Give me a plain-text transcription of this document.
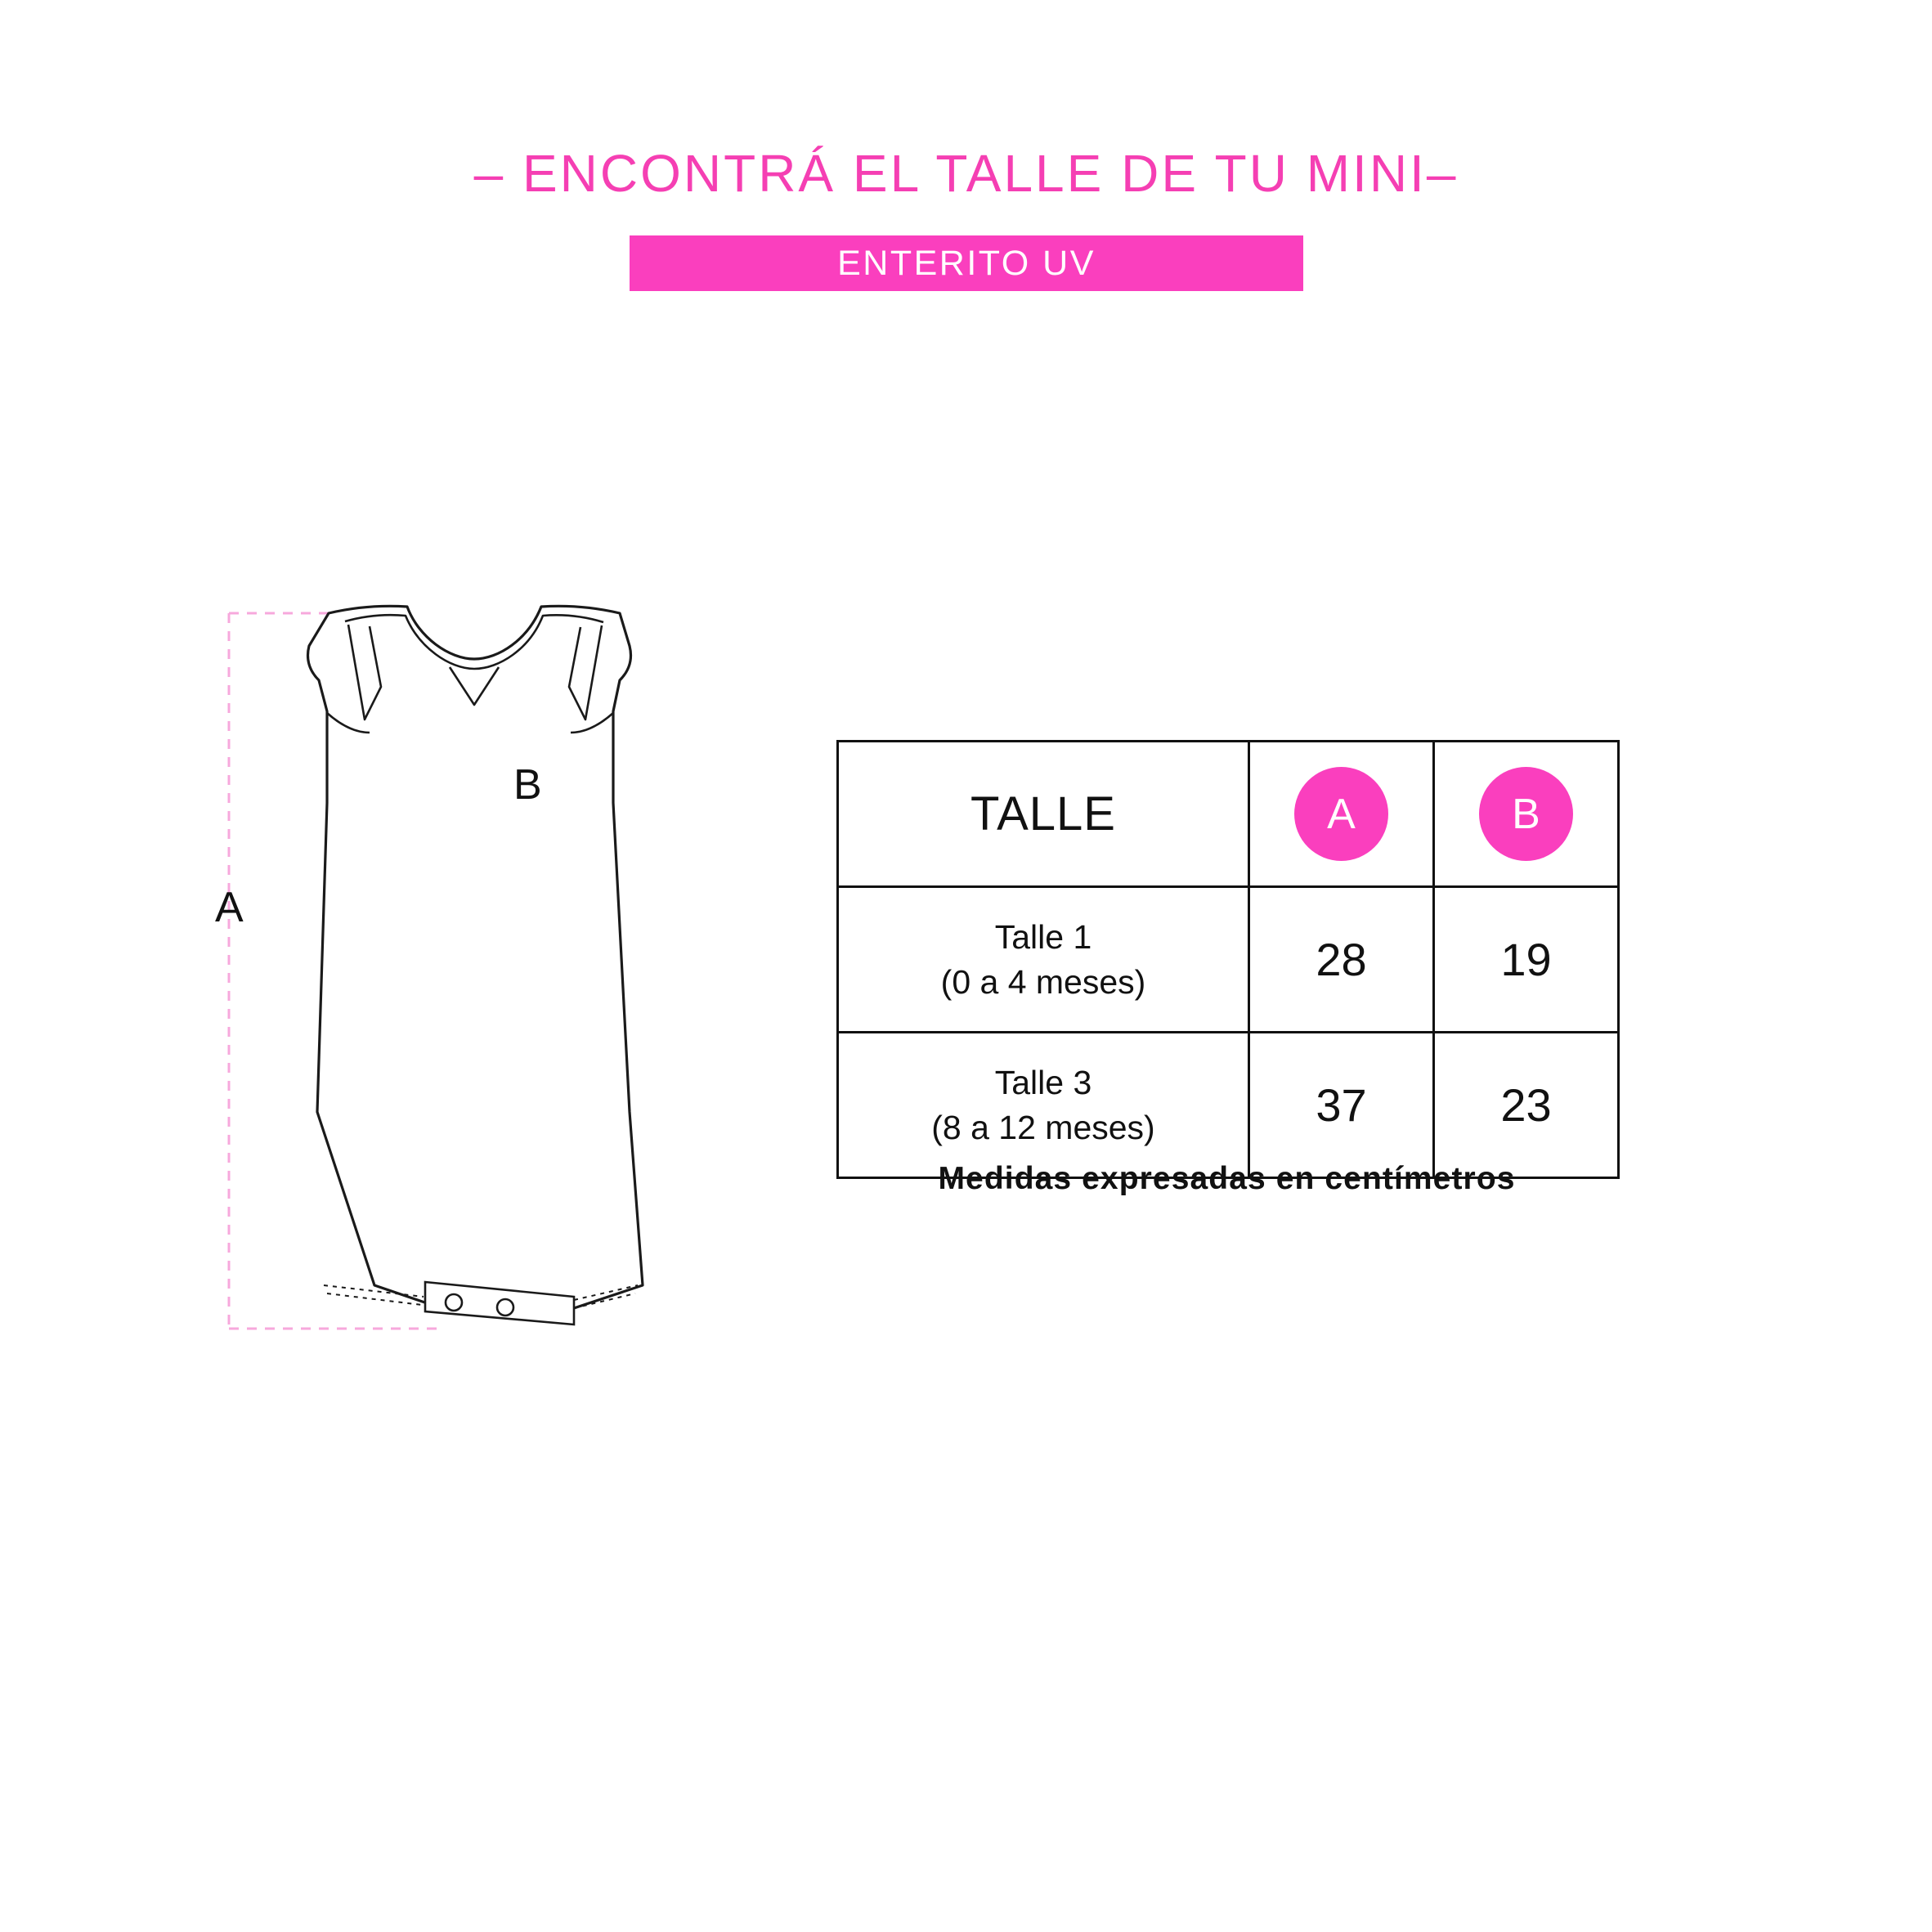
– ENCONTRÁ EL TALLE DE TU MINI–
ENTERITO UV
A
B
TALLE	A	B

Talle 1
(0 a 4 meses)	28	19

Talle 3
(8 a 12 meses)	37	23
Medidas expresadas en centímetros
